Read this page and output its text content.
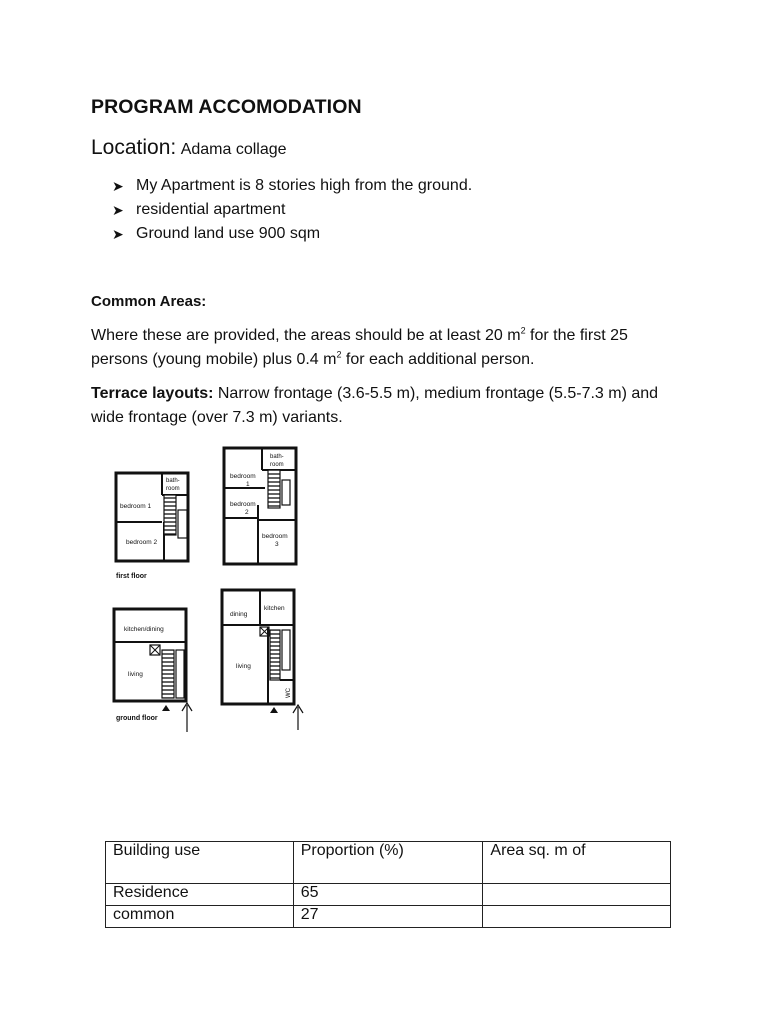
PROGRAM ACCOMODATION
Location: Adama collage
➤ My Apartment is 8 stories high from the ground.
➤ residential apartment
➤ Ground land use 900 sqm

Common Areas:

Where these are provided, the areas should be at least 20 $m^2$ for the first 25

persons (young mobile) plus 0.4 $m^2$ for each additional person.

Terrace layouts: Narrow frontage (3.6-5.5 m), medium frontage (5.5-7.3 m) and

wide frontage (over 7.3 m) variants.

bath-
room
bedroom 1
bedroom 2
first floor
bath-
room
bedroom
1
bedroom
2
bedroom
3
kitchen/dining
living
ground floor
dining
kitchen
living
WC
Building use	Proportion (%)	Area sq. m of
Residence	65	
common	27	
